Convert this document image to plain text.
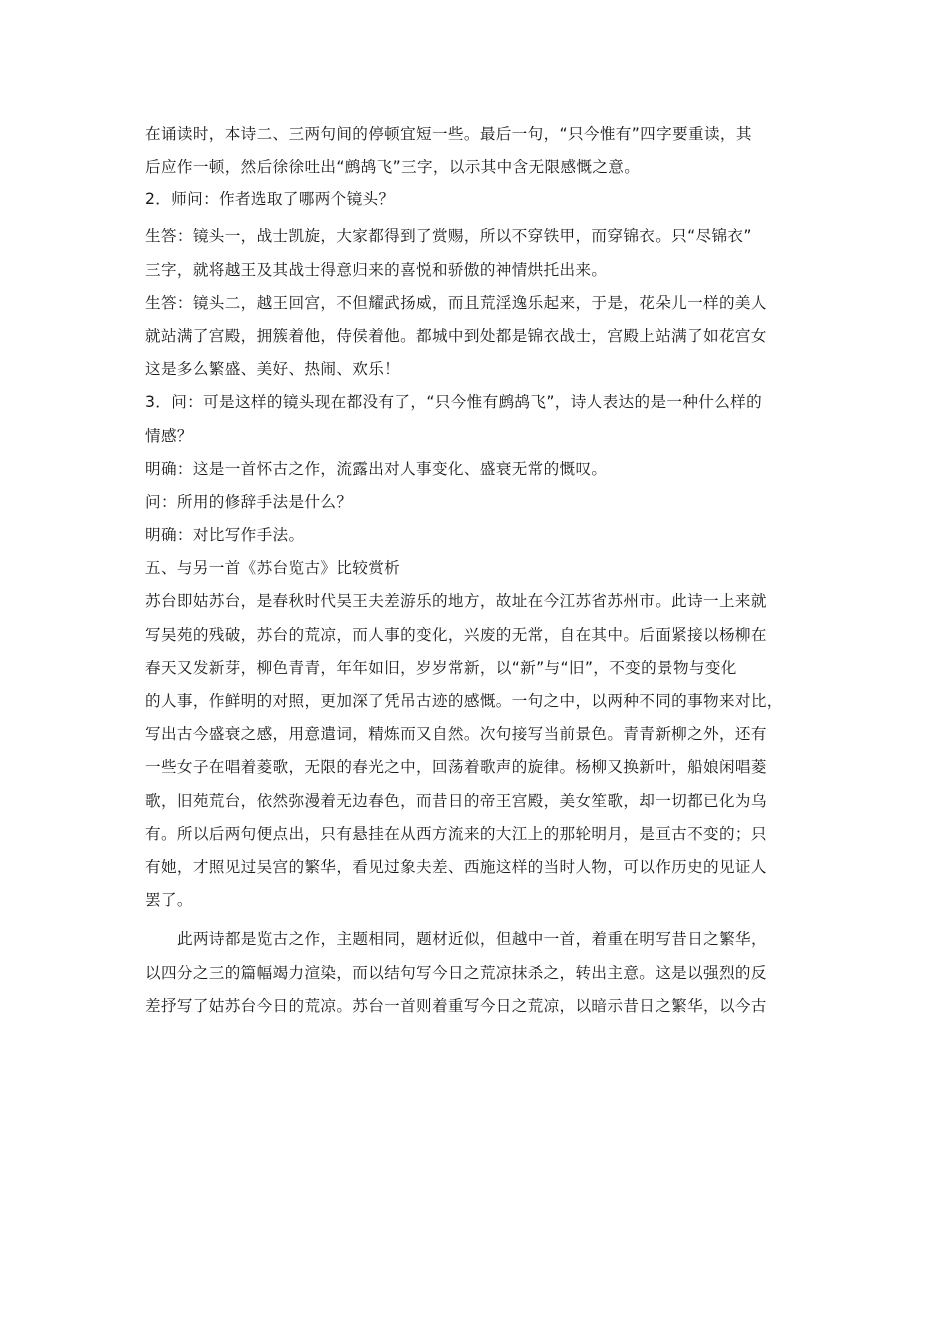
在诵读时，本诗二、三两句间的停顿宜短一些。最后一句，“只今惟有”四字要重读，其
后应作一顿，然后徐徐吐出“鹧鸪飞”三字，以示其中含无限感慨之意。
2．师问：作者选取了哪两个镜头？
生答：镜头一，战士凯旋，大家都得到了赏赐，所以不穿铁甲，而穿锦衣。只“尽锦衣”
三字，就将越王及其战士得意归来的喜悦和骄傲的神情烘托出来。
生答：镜头二，越王回宫，不但耀武扬威，而且荒淫逸乐起来，于是，花朵儿一样的美人
就站满了宫殿，拥簇着他，侍侯着他。都城中到处都是锦衣战士，宫殿上站满了如花宫女
这是多么繁盛、美好、热闹、欢乐！
3．问：可是这样的镜头现在都没有了，“只今惟有鹧鸪飞”，诗人表达的是一种什么样的
情感？
明确：这是一首怀古之作，流露出对人事变化、盛衰无常的慨叹。
问：所用的修辞手法是什么？
明确：对比写作手法。
五、与另一首《苏台览古》比较赏析
苏台即姑苏台，是春秋时代吴王夫差游乐的地方，故址在今江苏省苏州市。此诗一上来就
写吴苑的残破，苏台的荒凉，而人事的变化，兴废的无常，自在其中。后面紧接以杨柳在
春天又发新芽，柳色青青，年年如旧，岁岁常新，以“新”与“旧”，不变的景物与变化
的人事，作鲜明的对照，更加深了凭吊古迹的感慨。一句之中，以两种不同的事物来对比，
写出古今盛衰之感，用意遣词，精炼而又自然。次句接写当前景色。青青新柳之外，还有
一些女子在唱着菱歌，无限的春光之中，回荡着歌声的旋律。杨柳又换新叶，船娘闲唱菱
歌，旧苑荒台，依然弥漫着无边春色，而昔日的帝王宫殿，美女笙歌，却一切都已化为乌
有。所以后两句便点出，只有悬挂在从西方流来的大江上的那轮明月，是亘古不变的；只
有她，才照见过吴宫的繁华，看见过象夫差、西施这样的当时人物，可以作历史的见证人
罢了。
此两诗都是览古之作，主题相同，题材近似，但越中一首，着重在明写昔日之繁华，
以四分之三的篇幅竭力渲染，而以结句写今日之荒凉抹杀之，转出主意。这是以强烈的反
差抒写了姑苏台今日的荒凉。苏台一首则着重写今日之荒凉，以暗示昔日之繁华，以今古
